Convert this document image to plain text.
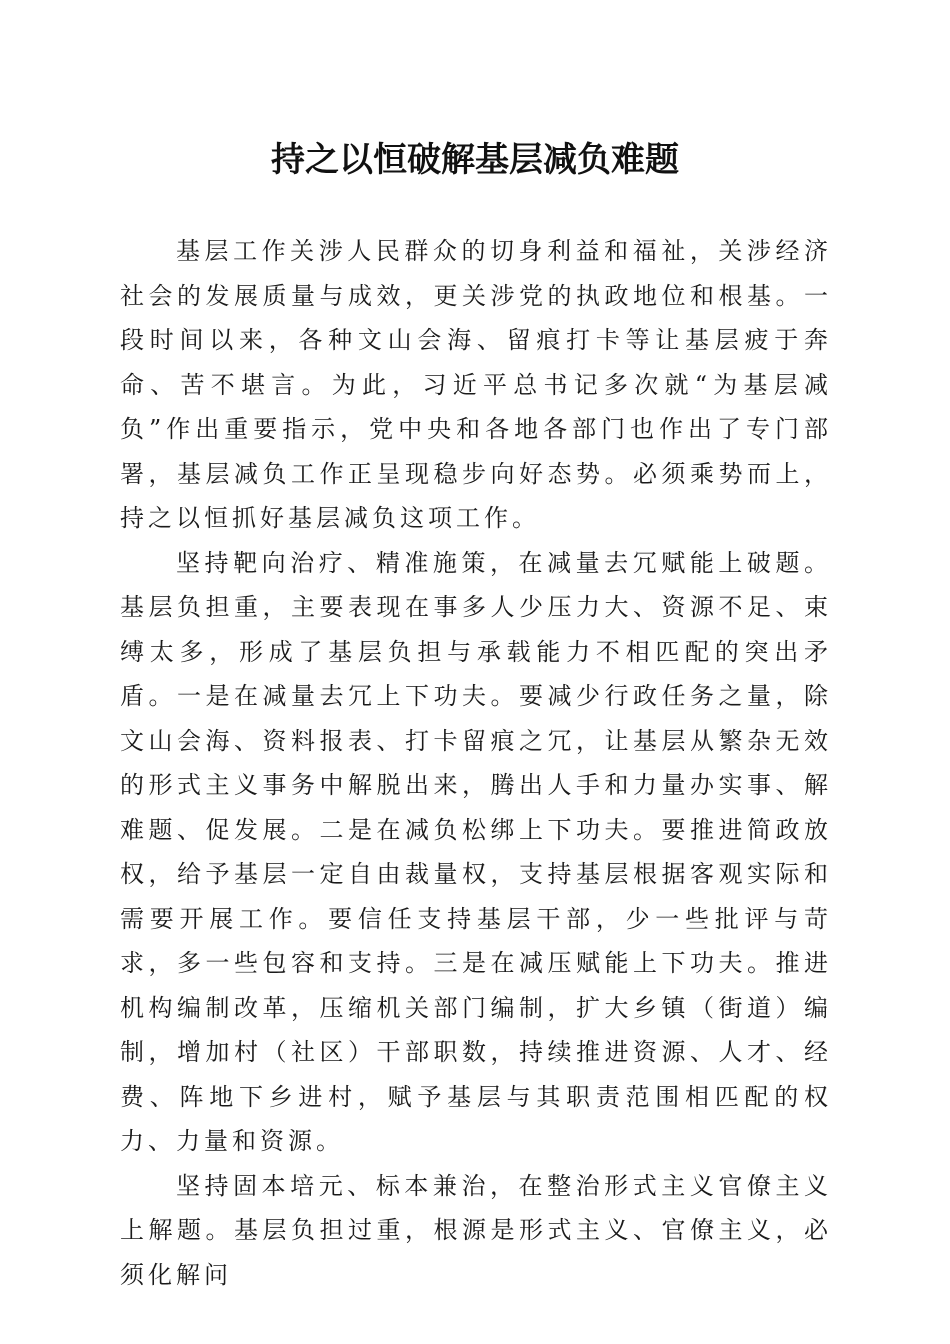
持之以恒破解基层减负难题

基层工作关涉人民群众的切身利益和福祉，关涉经济社会的发展质量与成效，更关涉党的执政地位和根基。一段时间以来，各种文山会海、留痕打卡等让基层疲于奔命、苦不堪言。为此，习近平总书记多次就“为基层减负”作出重要指示，党中央和各地各部门也作出了专门部署，基层减负工作正呈现稳步向好态势。必须乘势而上，持之以恒抓好基层减负这项工作。

坚持靶向治疗、精准施策，在减量去冗赋能上破题。基层负担重，主要表现在事多人少压力大、资源不足、束缚太多，形成了基层负担与承载能力不相匹配的突出矛盾。一是在减量去冗上下功夫。要减少行政任务之量，除文山会海、资料报表、打卡留痕之冗，让基层从繁杂无效的形式主义事务中解脱出来，腾出人手和力量办实事、解难题、促发展。二是在减负松绑上下功夫。要推进简政放权，给予基层一定自由裁量权，支持基层根据客观实际和需要开展工作。要信任支持基层干部，少一些批评与苛求，多一些包容和支持。三是在减压赋能上下功夫。推进机构编制改革，压缩机关部门编制，扩大乡镇（街道）编制，增加村（社区）干部职数，持续推进资源、人才、经费、阵地下乡进村，赋予基层与其职责范围相匹配的权力、力量和资源。

坚持固本培元、标本兼治，在整治形式主义官僚主义上解题。基层负担过重，根源是形式主义、官僚主义，必须化解问
